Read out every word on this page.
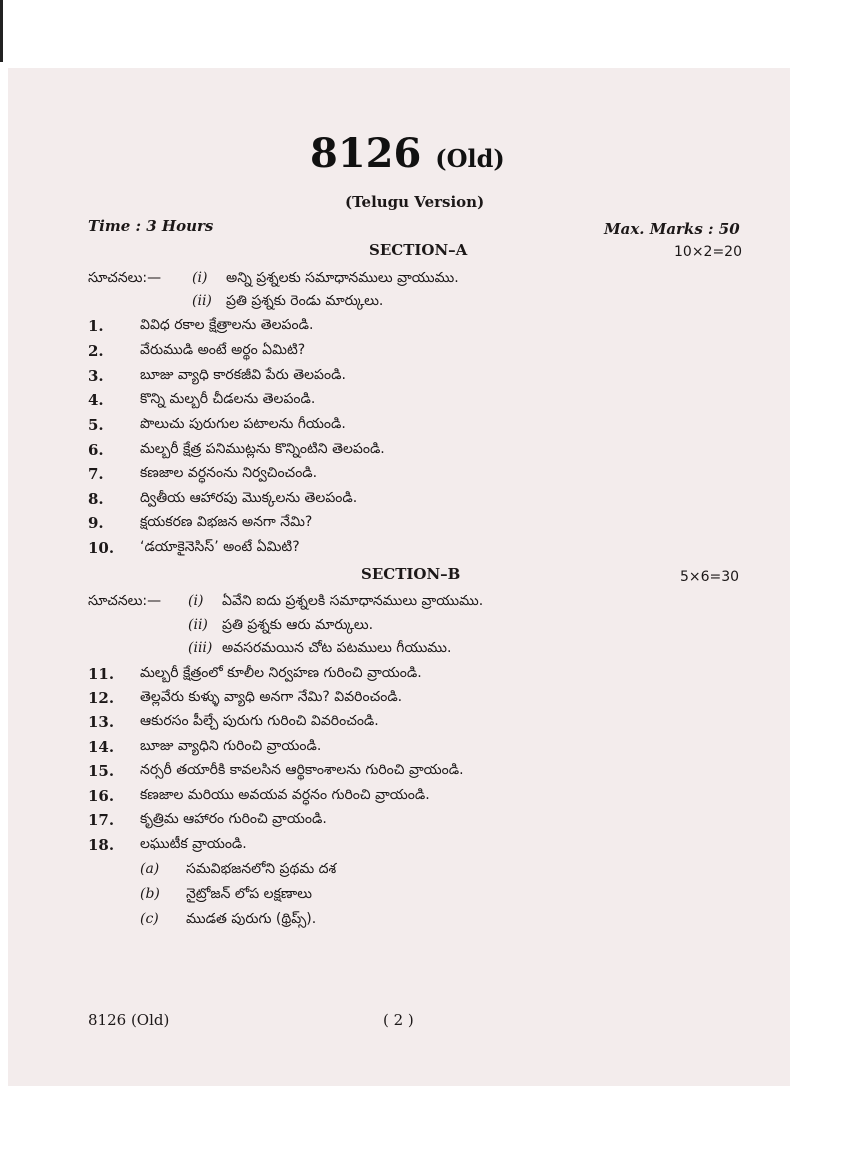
8126 (Old)
(Telugu Version)
Time : 3 Hours	Max. Marks : 50
SECTION–A	10×2=20
సూచనలు:— (i) అన్ని ప్రశ్నలకు సమాధానములు వ్రాయుము.
(ii) ప్రతి ప్రశ్నకు రెండు మార్కులు.
1.	వివిధ రకాల క్షేత్రాలను తెలపండి.
2.	వేరుముడి అంటే అర్థం ఏమిటి?
3.	బూజు వ్యాధి కారకజీవి పేరు తెలపండి.
4.	కొన్ని మల్బరీ చీడలను తెలపండి.
5.	పొలుచు పురుగుల పటాలను గీయండి.
6.	మల్బరీ క్షేత్ర పనిముట్లను కొన్నింటిని తెలపండి.
7.	కణజాల వర్ధనంను నిర్వచించండి.
8.	ద్వితీయ ఆహారపు మొక్కలను తెలపండి.
9.	క్షయకరణ విభజన అనగా నేమి?
10. ‘డయాకైనెసిస్’ అంటే ఏమిటి?
SECTION–B	5×6=30
సూచనలు:— (i) ఏవేని ఐదు ప్రశ్నలకి సమాధానములు వ్రాయుము.
(ii) ప్రతి ప్రశ్నకు ఆరు మార్కులు.
(iii) అవసరమయిన చోట పటములు గీయుము.
11. మల్బరీ క్షేత్రంలో కూలీల నిర్వహణ గురించి వ్రాయండి.
12. తెల్లవేరు కుళ్ళు వ్యాధి అనగా నేమి? వివరించండి.
13. ఆకురసం పీల్చే పురుగు గురించి వివరించండి.
14. బూజు వ్యాధిని గురించి వ్రాయండి.
15. నర్సరీ తయారీకి కావలసిన ఆర్థికాంశాలను గురించి వ్రాయండి.
16. కణజాల మరియు అవయవ వర్ధనం గురించి వ్రాయండి.
17. కృత్రిమ ఆహారం గురించి వ్రాయండి.
18. లఘుటీక వ్రాయండి.
(a) సమవిభజనలోని ప్రథమ దశ
(b) నైట్రోజన్ లోప లక్షణాలు
(c) ముడత పురుగు (థ్రిప్స్).
8126 (Old)	( 2 )
